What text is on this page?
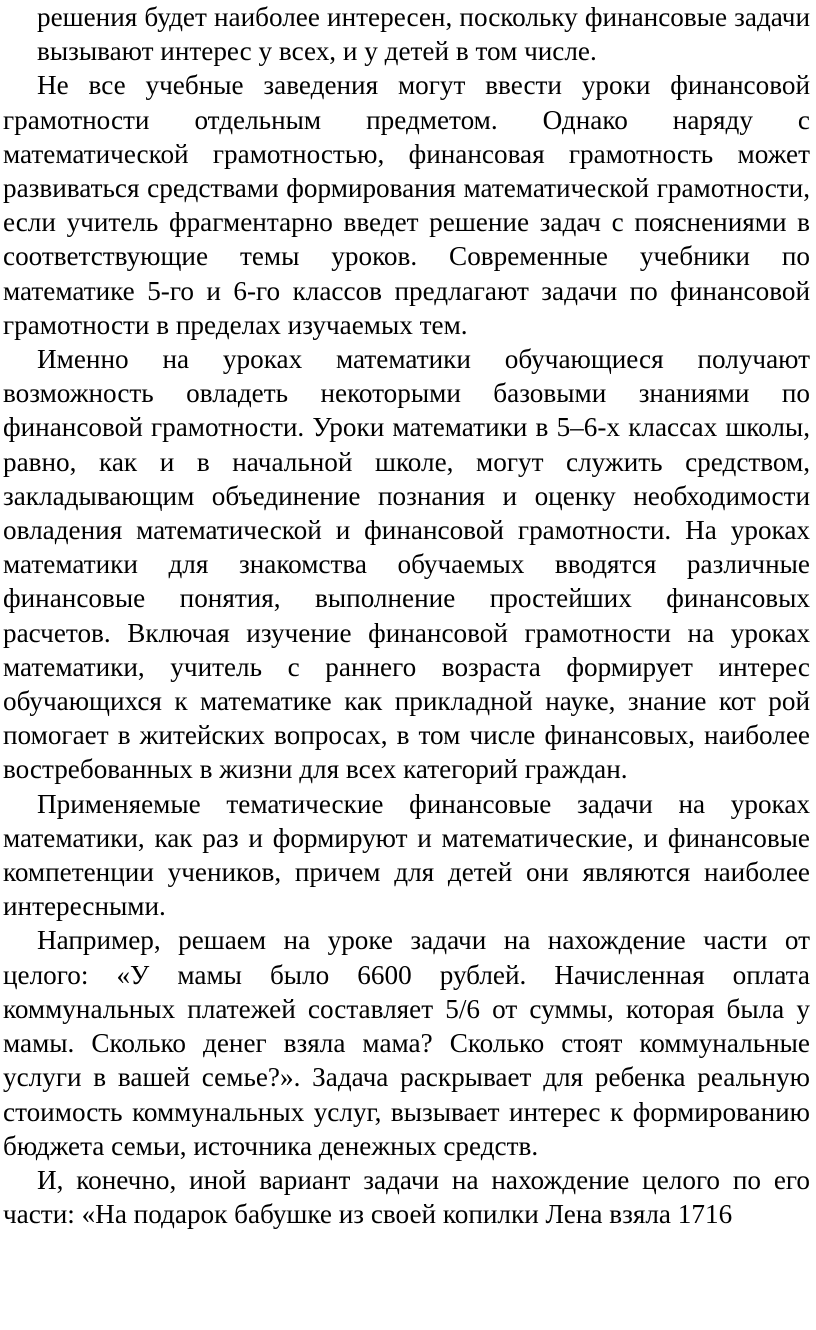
решения будет наиболее интересен, поскольку финансовые задачи вызывают интерес у всех, и у детей в том числе.

Не все учебные заведения могут ввести уроки финансовой грамотности отдельным предметом. Однако наряду с математической грамотностью, финансовая грамотность может развиваться средствами формирования математической грамотности, если учитель фрагментарно введет решение задач с пояснениями в соответствующие темы уроков. Современные учебники по математике 5-го и 6-го классов предлагают задачи по финансовой грамотности в пределах изучаемых тем.

Именно на уроках математики обучающиеся получают возможность овладеть некоторыми базовыми знаниями по финансовой грамотности. Уроки математики в 5–6-х классах школы, равно, как и в начальной школе, могут служить средством, закладывающим объединение познания и оценку необходимости овладения математической и финансовой грамотности. На уроках математики для знакомства обучаемых вводятся различные финансовые понятия, выполнение простейших финансовых расчетов. Включая изучение финансовой грамотности на уроках математики, учитель с раннего возраста формирует интерес обучающихся к математике как прикладной науке, знание кот рой помогает в житейских вопросах, в том числе финансовых, наиболее востребованных в жизни для всех категорий граждан.

Применяемые тематические финансовые задачи на уроках математики, как раз и формируют и математические, и финансовые компетенции учеников, причем для детей они являются наиболее интересными.

Например, решаем на уроке задачи на нахождение части от целого: «У мамы было 6600 рублей. Начисленная оплата коммунальных платежей составляет 5/6 от суммы, которая была у мамы. Сколько денег взяла мама? Сколько стоят коммунальные услуги в вашей семье?». Задача раскрывает для ребенка реальную стоимость коммунальных услуг, вызывает интерес к формированию бюджета семьи, источника денежных средств.

И, конечно, иной вариант задачи на нахождение целого по его части: «На подарок бабушке из своей копилки Лена взяла 1716
